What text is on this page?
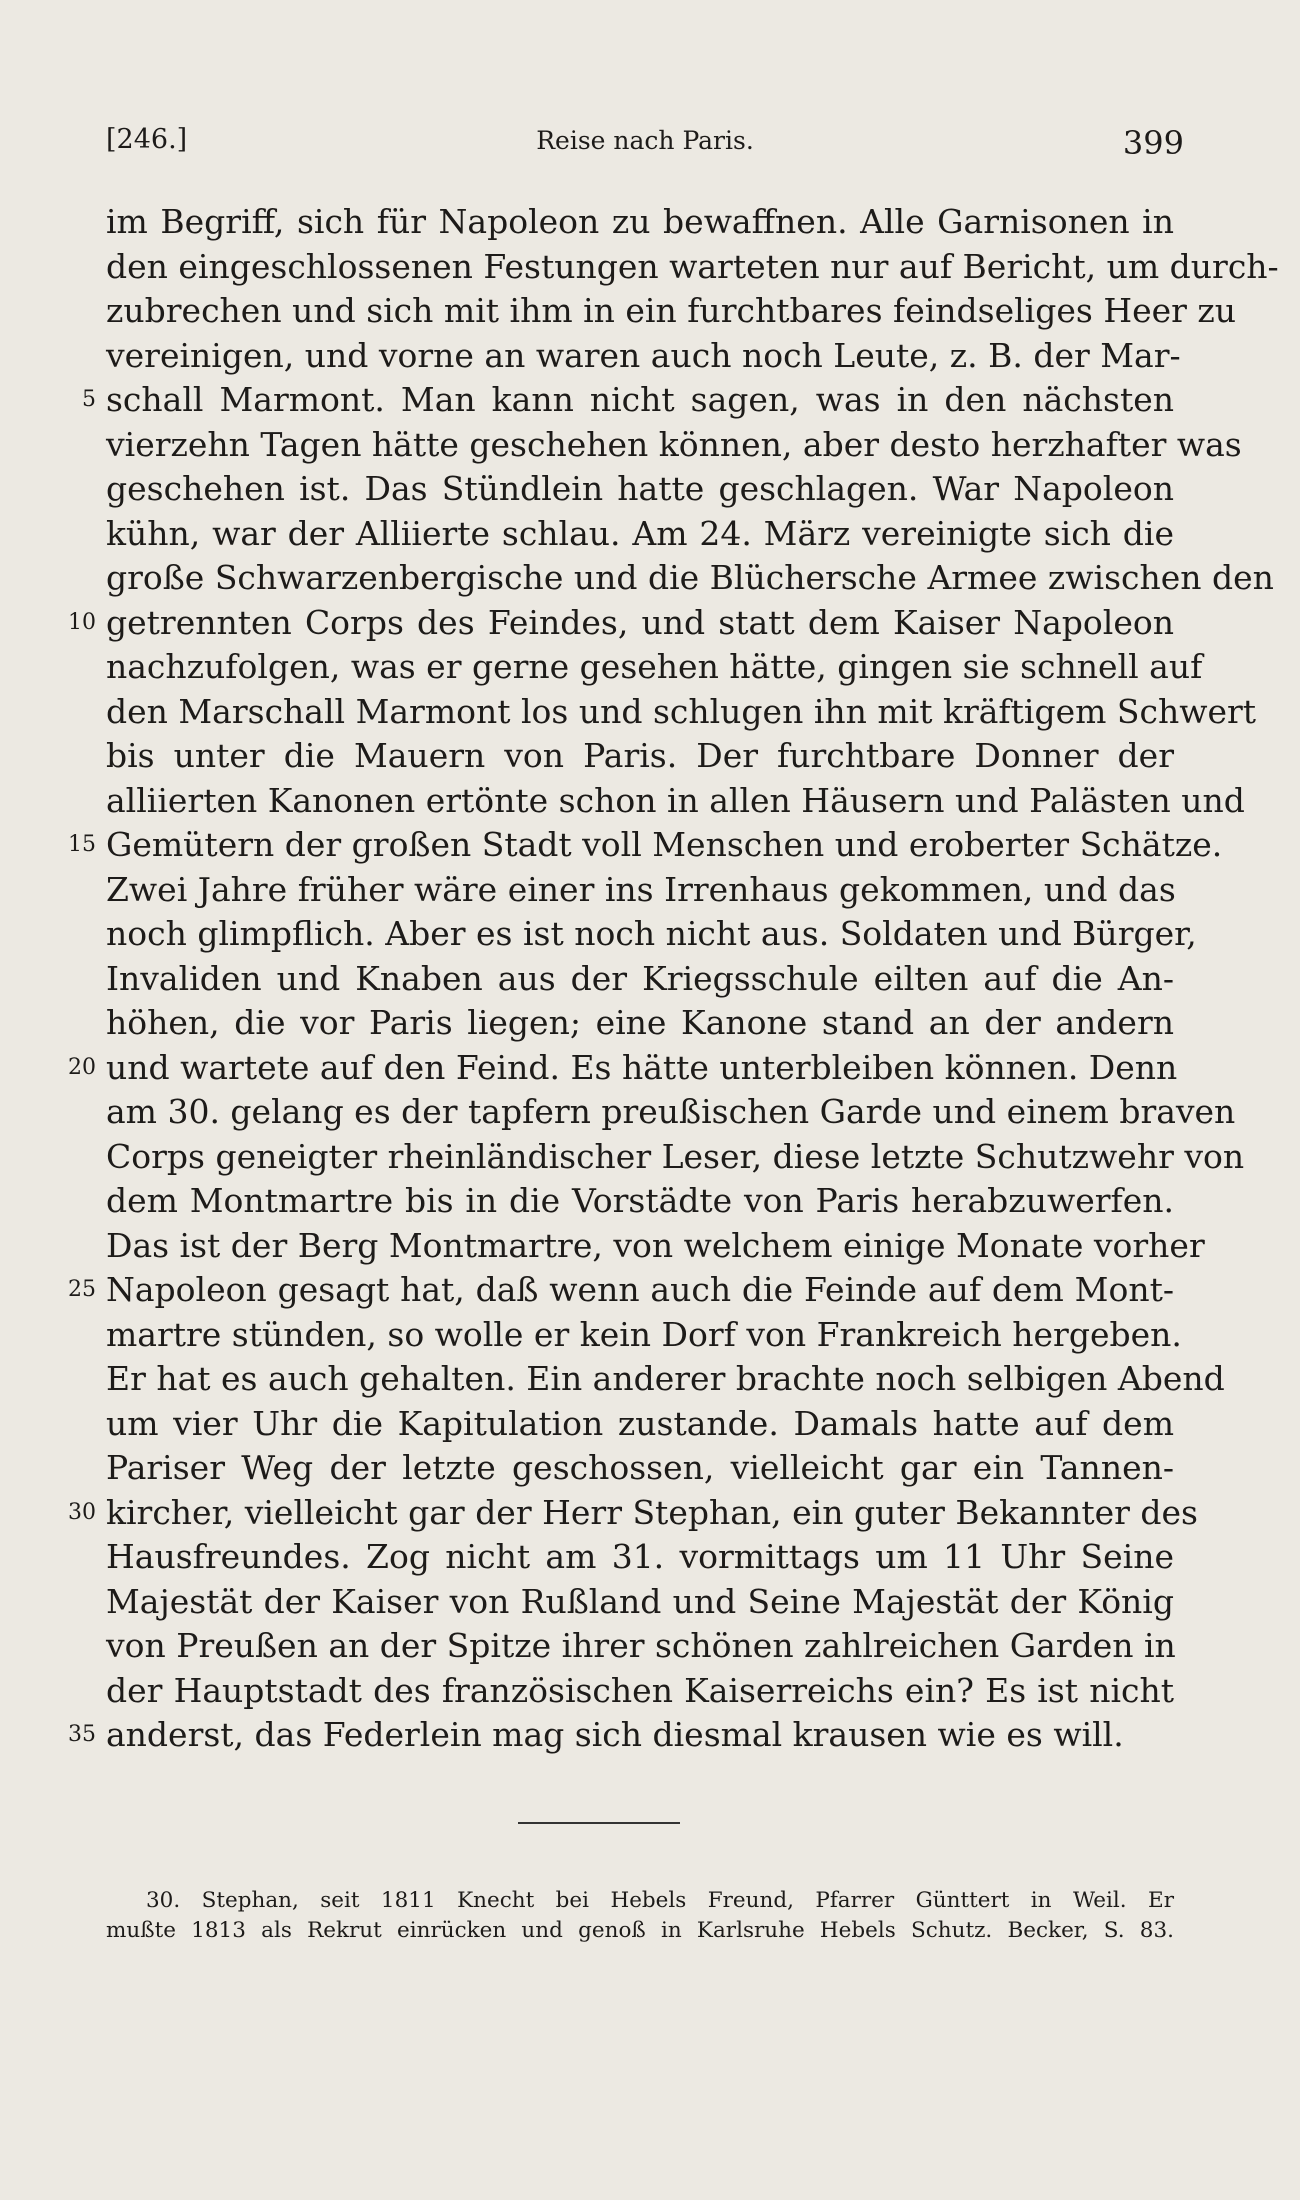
[246.]	Reise nach Paris.	399
im Begriff, sich für Napoleon zu bewaffnen. Alle Garnisonen in
den eingeschlossenen Festungen warteten nur auf Bericht, um durch-
zubrechen und sich mit ihm in ein furchtbares feindseliges Heer zu
vereinigen, und vorne an waren auch noch Leute, z. B. der Mar-
5 schall Marmont. Man kann nicht sagen, was in den nächsten
vierzehn Tagen hätte geschehen können, aber desto herzhafter was
geschehen ist. Das Stündlein hatte geschlagen. War Napoleon
kühn, war der Alliierte schlau. Am 24. März vereinigte sich die
große Schwarzenbergische und die Blüchersche Armee zwischen den
10 getrennten Corps des Feindes, und statt dem Kaiser Napoleon
nachzufolgen, was er gerne gesehen hätte, gingen sie schnell auf
den Marschall Marmont los und schlugen ihn mit kräftigem Schwert
bis unter die Mauern von Paris. Der furchtbare Donner der
alliierten Kanonen ertönte schon in allen Häusern und Palästen und
15 Gemütern der großen Stadt voll Menschen und eroberter Schätze.
Zwei Jahre früher wäre einer ins Irrenhaus gekommen, und das
noch glimpflich. Aber es ist noch nicht aus. Soldaten und Bürger,
Invaliden und Knaben aus der Kriegsschule eilten auf die An-
höhen, die vor Paris liegen; eine Kanone stand an der andern
20 und wartete auf den Feind. Es hätte unterbleiben können. Denn
am 30. gelang es der tapfern preußischen Garde und einem braven
Corps geneigter rheinländischer Leser, diese letzte Schutzwehr von
dem Montmartre bis in die Vorstädte von Paris herabzuwerfen.
Das ist der Berg Montmartre, von welchem einige Monate vorher
25 Napoleon gesagt hat, daß wenn auch die Feinde auf dem Mont-
martre stünden, so wolle er kein Dorf von Frankreich hergeben.
Er hat es auch gehalten. Ein anderer brachte noch selbigen Abend
um vier Uhr die Kapitulation zustande. Damals hatte auf dem
Pariser Weg der letzte geschossen, vielleicht gar ein Tannen-
30 kircher, vielleicht gar der Herr Stephan, ein guter Bekannter des
Hausfreundes. Zog nicht am 31. vormittags um 11 Uhr Seine
Majestät der Kaiser von Rußland und Seine Majestät der König
von Preußen an der Spitze ihrer schönen zahlreichen Garden in
der Hauptstadt des französischen Kaiserreichs ein? Es ist nicht
35 anderst, das Federlein mag sich diesmal krausen wie es will.
30. Stephan, seit 1811 Knecht bei Hebels Freund, Pfarrer Günttert in Weil. Er
mußte 1813 als Rekrut einrücken und genoß in Karlsruhe Hebels Schutz. Becker, S. 83.
